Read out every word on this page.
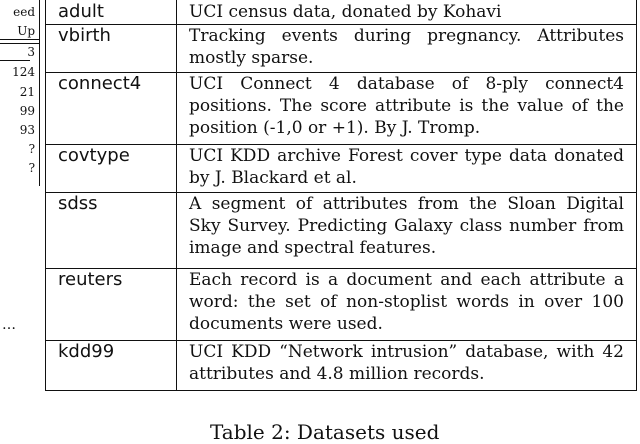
eed
Up
3
124
21
99
93
?
?
…
adult	UCI census data, donated by Kohavi
vbirth	Tracking events during pregnancy. Attributes mostly sparse.
connect4	UCI Connect 4 database of 8-ply connect4 positions. The score attribute is the value of the position (-1,0 or +1). By J. Tromp.
covtype	UCI KDD archive Forest cover type data donated by J. Blackard et al.
sdss	A segment of attributes from the Sloan Digital Sky Survey. Predicting Galaxy class number from image and spectral features.
reuters	Each record is a document and each attribute a word: the set of non-stoplist words in over 100 documents were used.
kdd99	UCI KDD “Network intrusion” database, with 42 attributes and 4.8 million records.
Table 2: Datasets used
